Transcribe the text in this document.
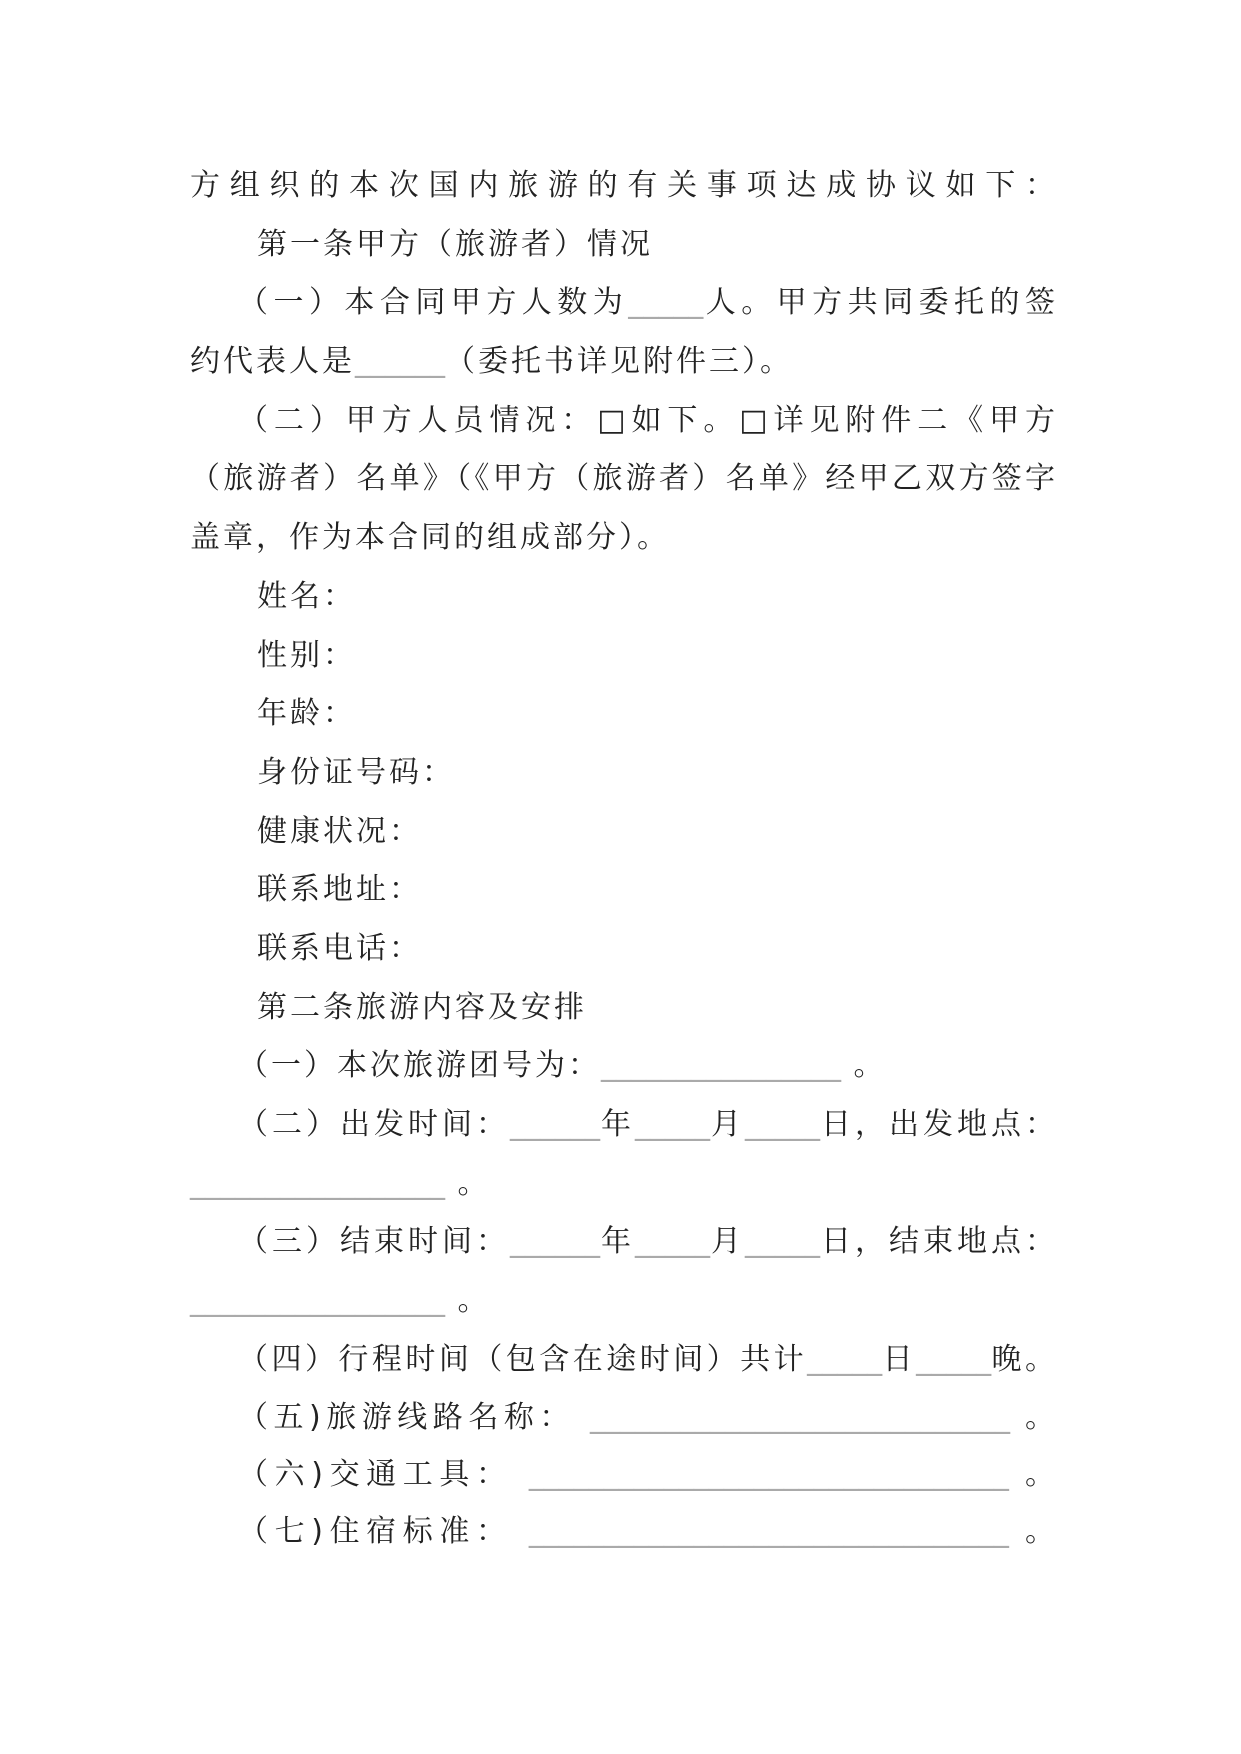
方组织的本次国内旅游的有关事项达成协议如下：
第一条甲方（旅游者）情况
（一）本合同甲方人数为_____人。甲方共同委托的签
约代表人是______（委托书详见附件三）。
（二）甲方人员情况：□如下。□详见附件二《甲方
（旅游者）名单》（《甲方（旅游者）名单》经甲乙双方签字
盖章，作为本合同的组成部分）。
姓名：
性别：
年龄：
身份证号码：
健康状况：
联系地址：
联系电话：
第二条旅游内容及安排
（一）本次旅游团号为：________________ 。
（二）出发时间：______年_____月_____日，出发地点：
_________________ 。
（三）结束时间：______年_____月_____日，结束地点：
_________________ 。
（四）行程时间（包含在途时间）共计_____日_____晚。
（五)旅游线路名称： ____________________________ 。
（六)交通工具： ________________________________ 。
（七)住宿标准： ________________________________ 。
